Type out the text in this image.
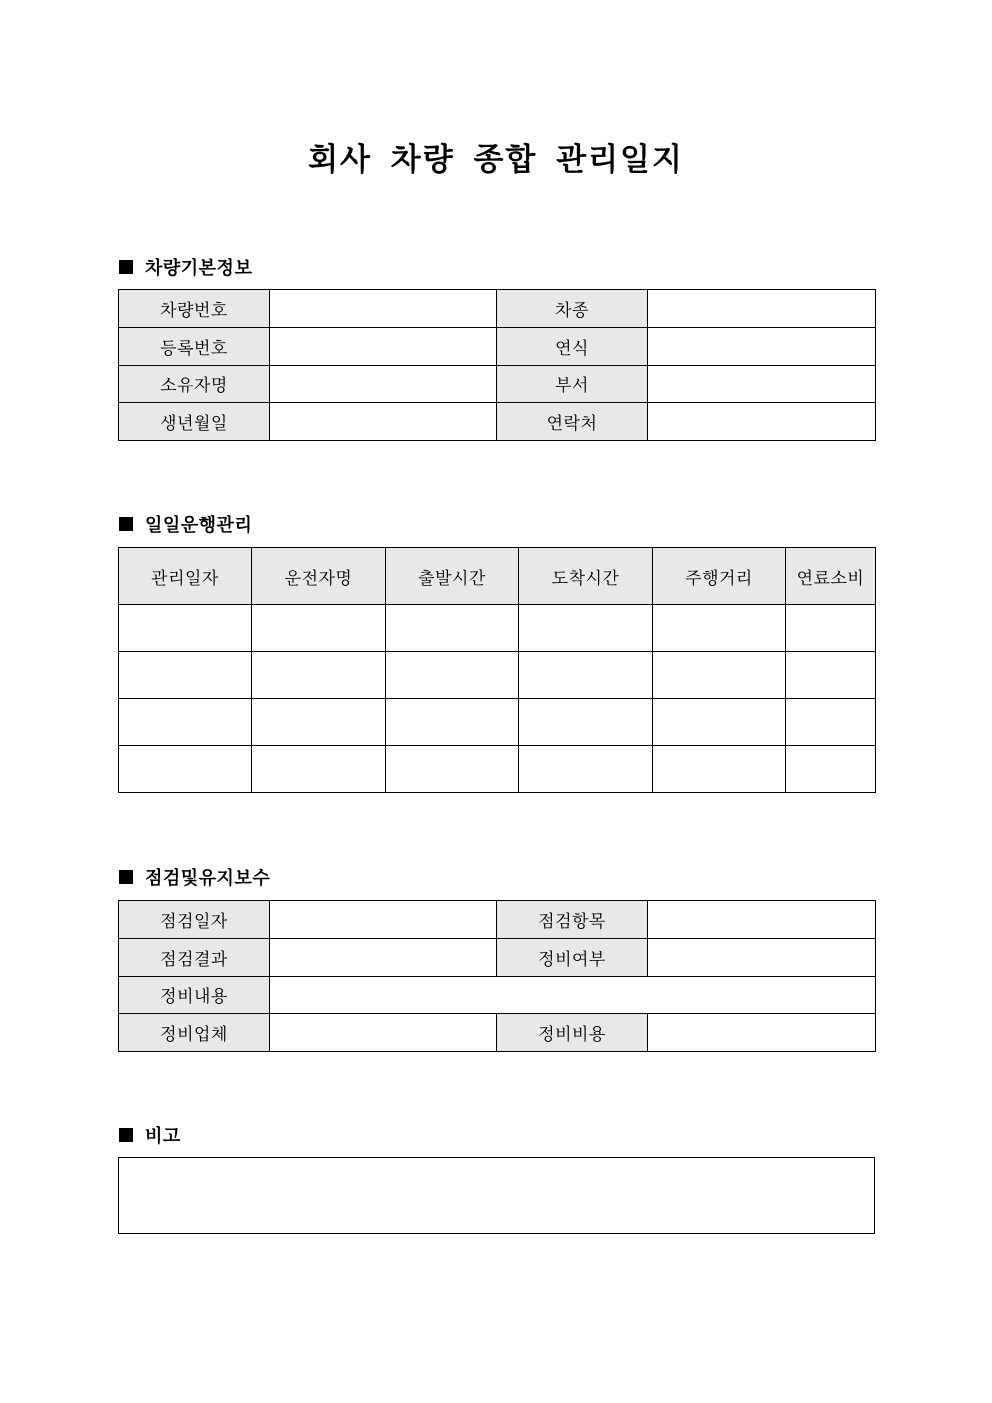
회사 차량 종합 관리일지
차량기본정보
차량번호		차종	
등록번호		연식	
소유자명		부서	
생년월일		연락처	
일일운행관리
관리일자	운전자명	출발시간	도착시간	주행거리	연료소비

점검및유지보수
점검일자		점검항목	
점검결과		정비여부	
정비내용			
정비업체		정비비용	
비고
